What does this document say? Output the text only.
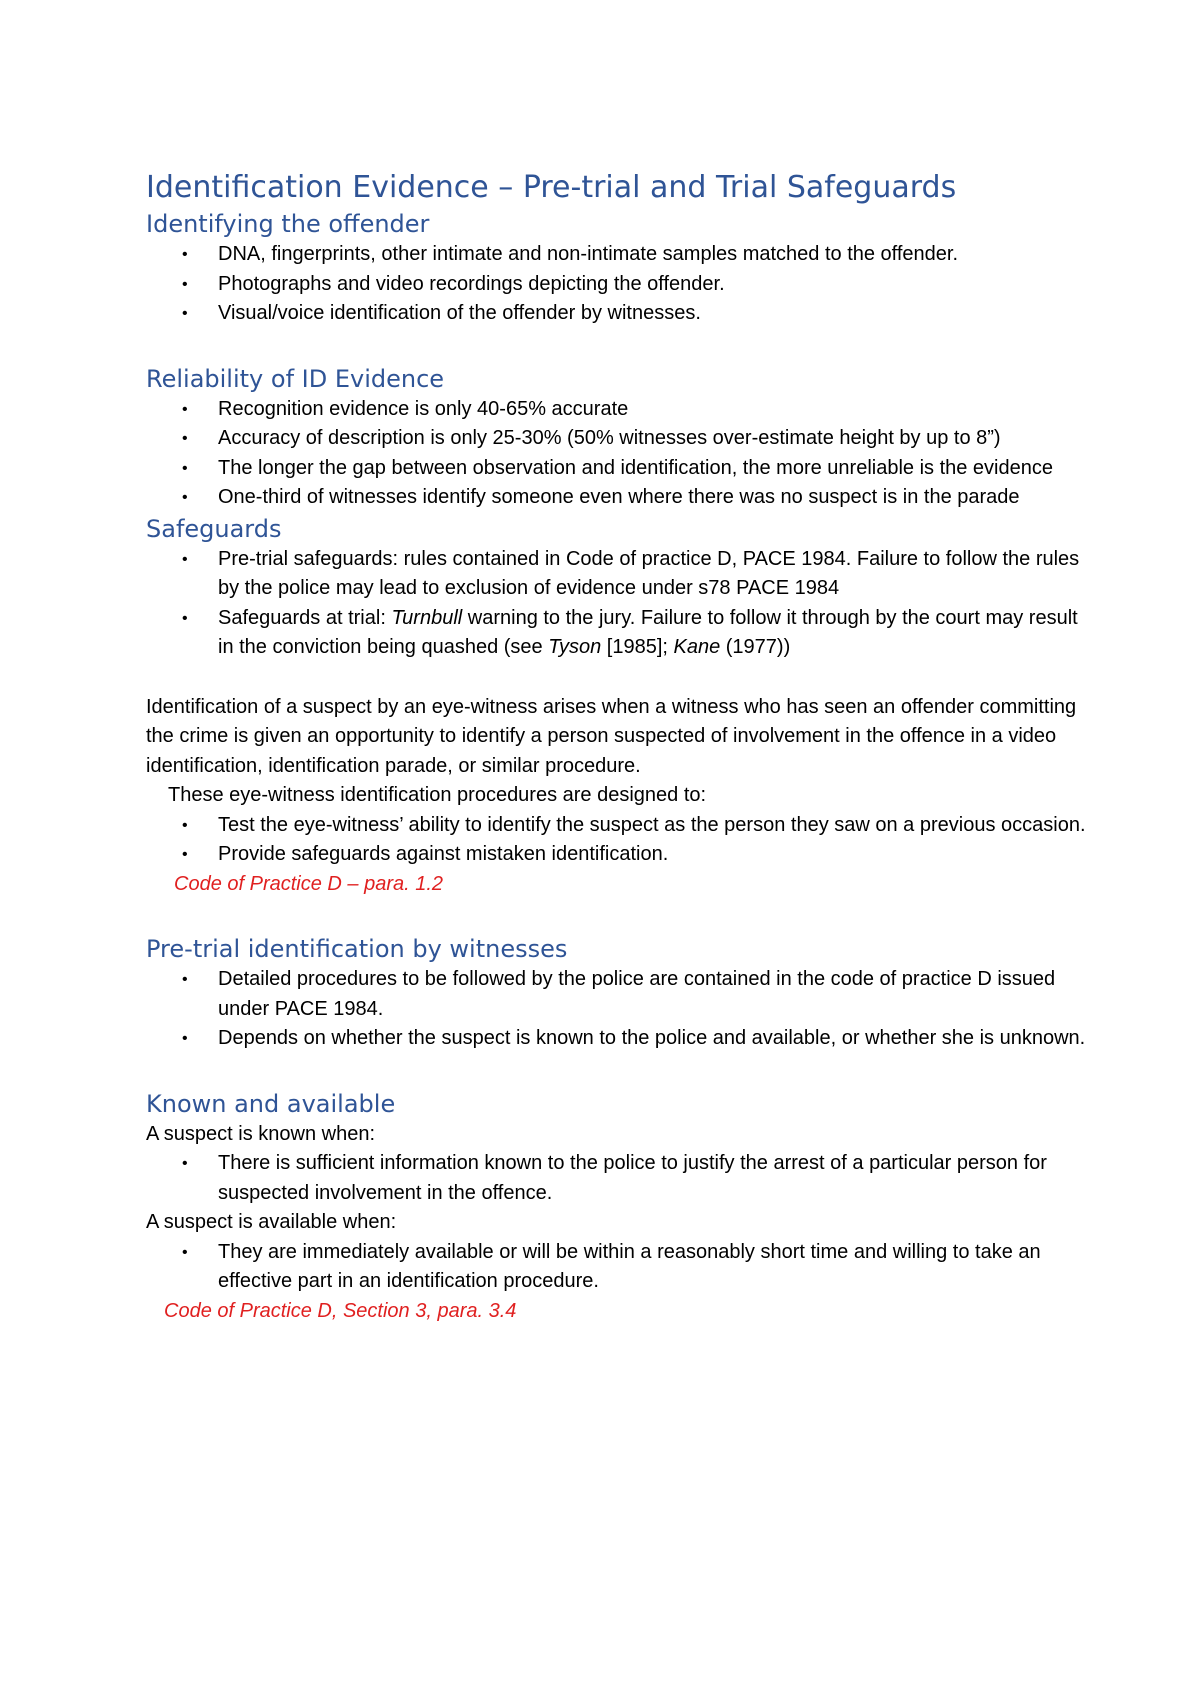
Identification Evidence – Pre-trial and Trial Safeguards
Identifying the offender
• DNA, fingerprints, other intimate and non-intimate samples matched to the offender.
• Photographs and video recordings depicting the offender.
• Visual/voice identification of the offender by witnesses.
Reliability of ID Evidence
• Recognition evidence is only 40-65% accurate
• Accuracy of description is only 25-30% (50% witnesses over-estimate height by up to 8”)
• The longer the gap between observation and identification, the more unreliable is the evidence
• One-third of witnesses identify someone even where there was no suspect is in the parade
Safeguards
• Pre-trial safeguards: rules contained in Code of practice D, PACE 1984. Failure to follow the rules by the police may lead to exclusion of evidence under s78 PACE 1984
• Safeguards at trial: Turnbull warning to the jury. Failure to follow it through by the court may result in the conviction being quashed (see Tyson [1985]; Kane (1977))

Identification of a suspect by an eye-witness arises when a witness who has seen an offender committing the crime is given an opportunity to identify a person suspected of involvement in the offence in a video identification, identification parade, or similar procedure.

These eye-witness identification procedures are designed to:

• Test the eye-witness’ ability to identify the suspect as the person they saw on a previous occasion.
• Provide safeguards against mistaken identification.

Code of Practice D – para. 1.2

Pre-trial identification by witnesses
• Detailed procedures to be followed by the police are contained in the code of practice D issued under PACE 1984.
• Depends on whether the suspect is known to the police and available, or whether she is unknown.
Known and available

A suspect is known when:

• There is sufficient information known to the police to justify the arrest of a particular person for suspected involvement in the offence.

A suspect is available when:

• They are immediately available or will be within a reasonably short time and willing to take an effective part in an identification procedure.

Code of Practice D, Section 3, para. 3.4
